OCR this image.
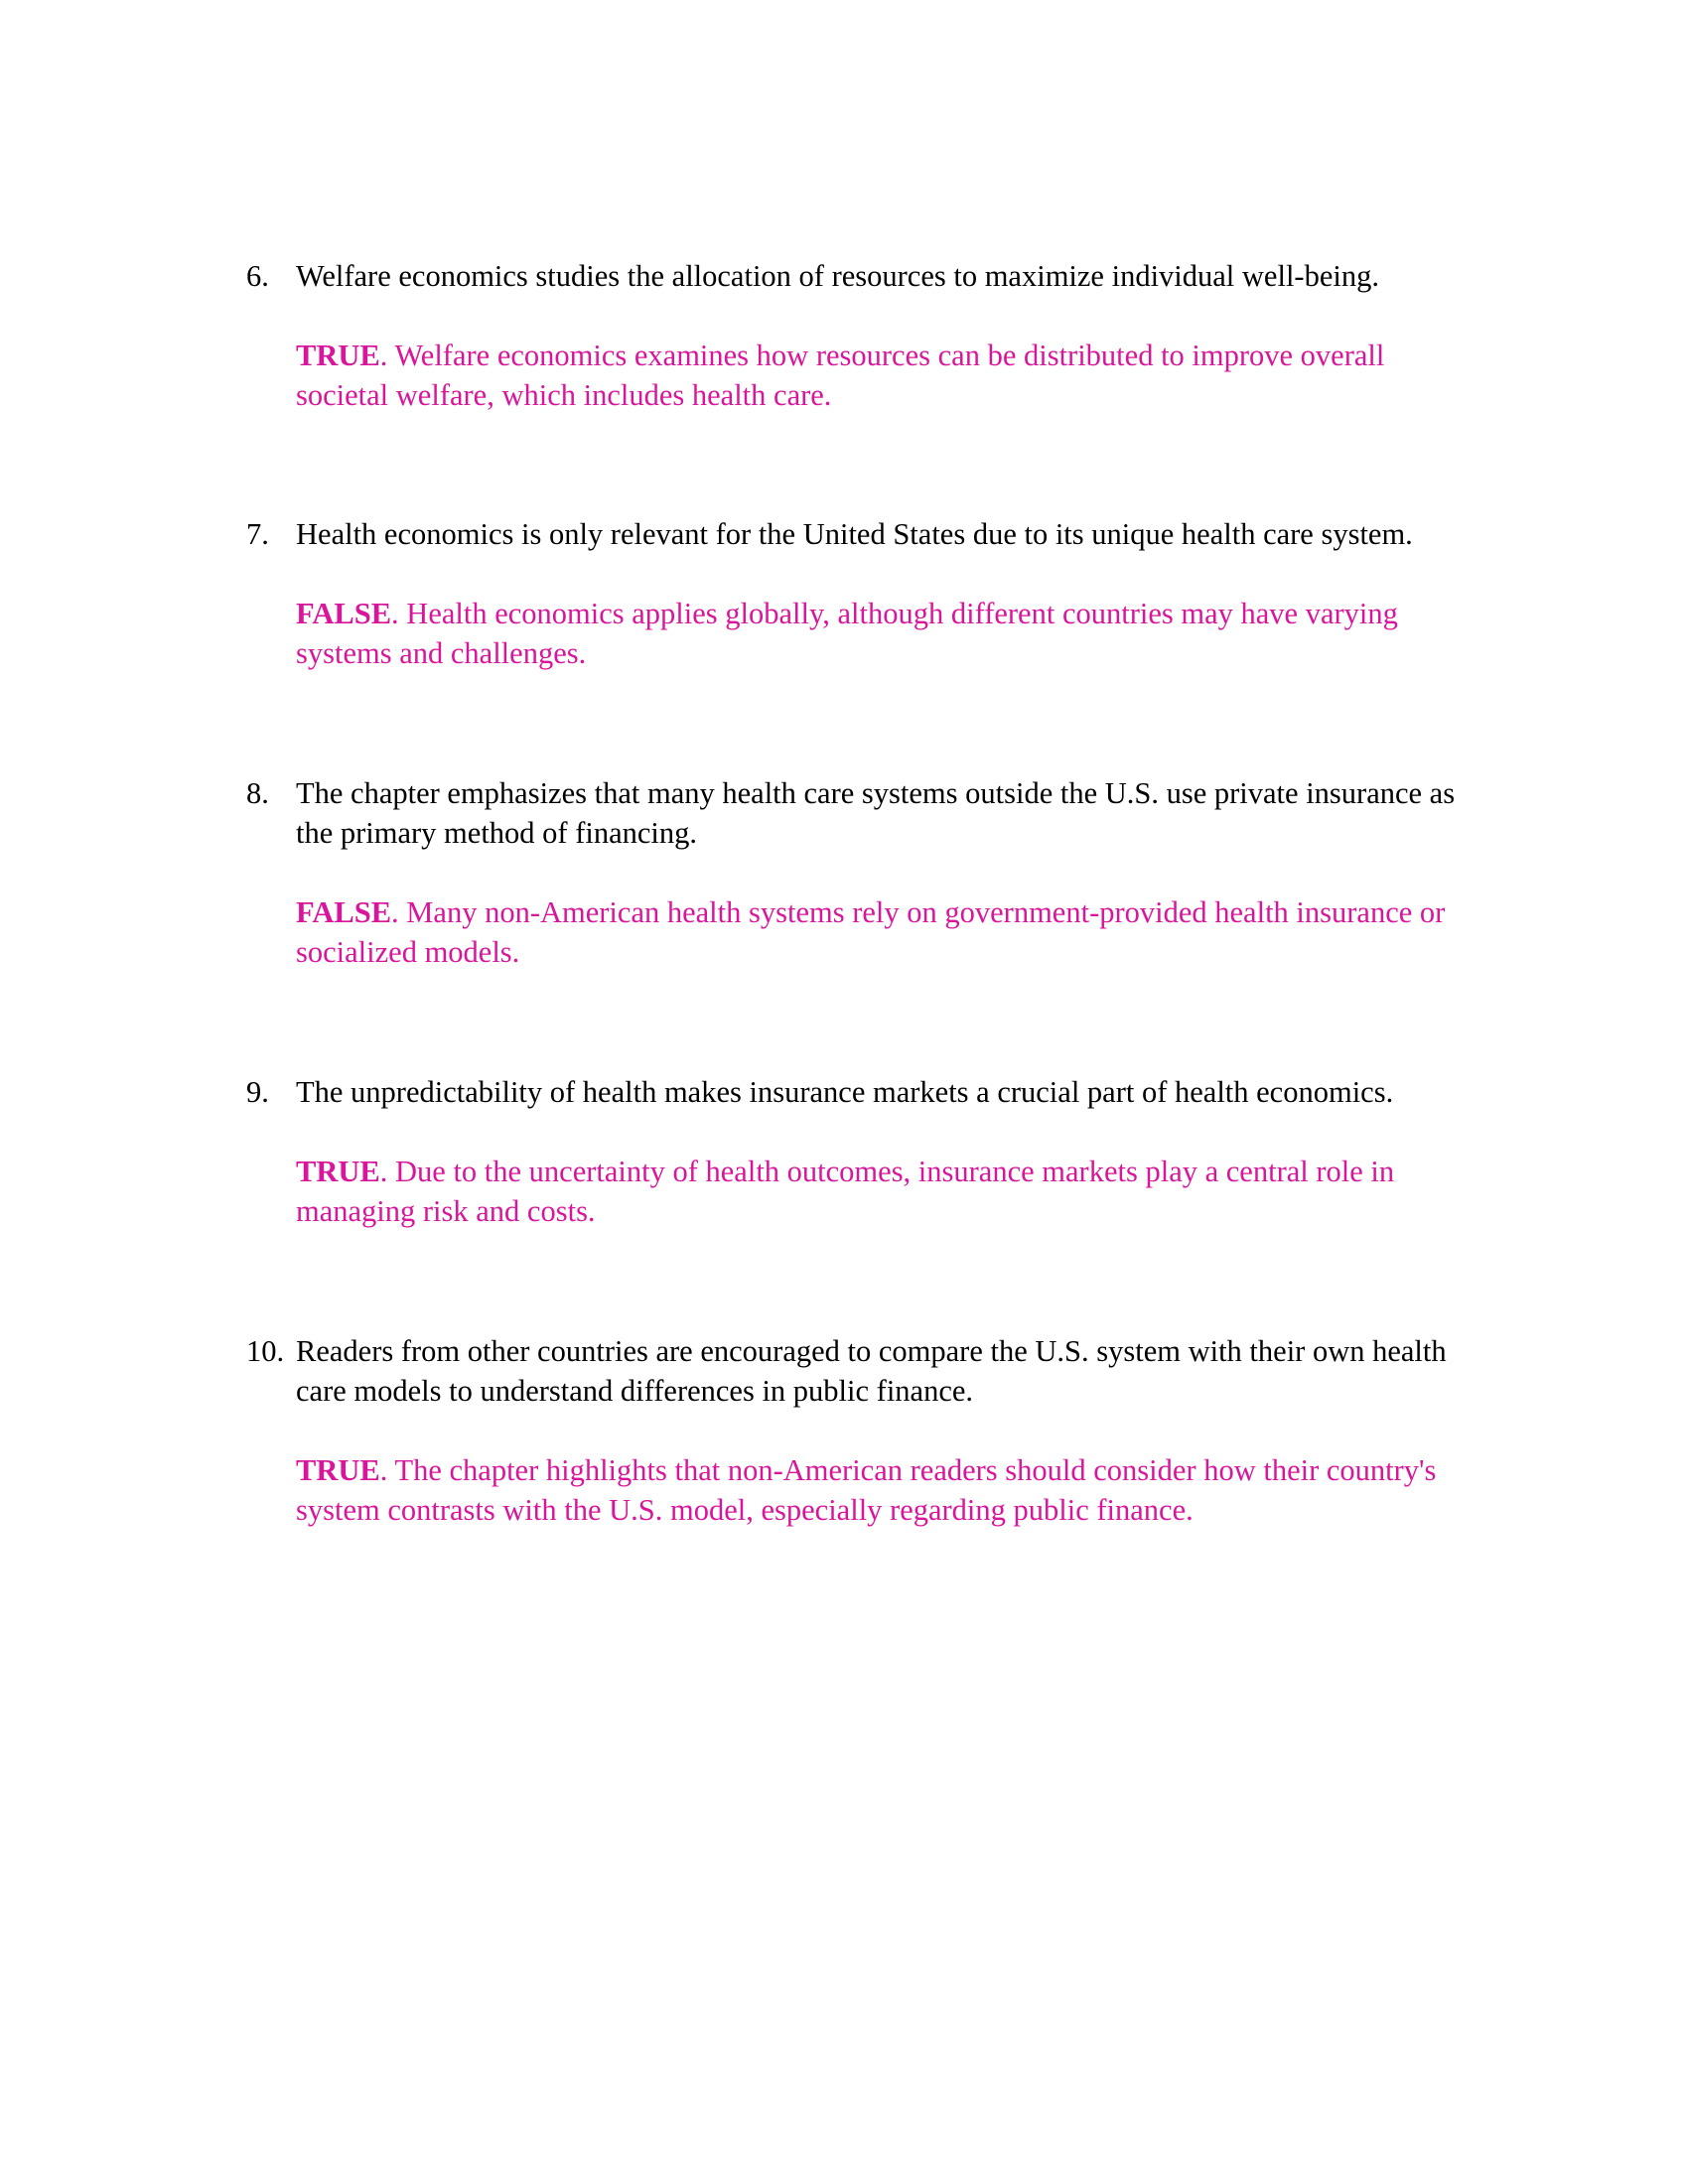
6. Welfare economics studies the allocation of resources to maximize individual well-being.

TRUE. Welfare economics examines how resources can be distributed to improve overall societal welfare, which includes health care.

7. Health economics is only relevant for the United States due to its unique health care system.

FALSE. Health economics applies globally, although different countries may have varying systems and challenges.

8. The chapter emphasizes that many health care systems outside the U.S. use private insurance as the primary method of financing.

FALSE. Many non-American health systems rely on government-provided health insurance or socialized models.

9. The unpredictability of health makes insurance markets a crucial part of health economics.

TRUE. Due to the uncertainty of health outcomes, insurance markets play a central role in managing risk and costs.

10. Readers from other countries are encouraged to compare the U.S. system with their own health care models to understand differences in public finance.

TRUE. The chapter highlights that non-American readers should consider how their country's system contrasts with the U.S. model, especially regarding public finance.
